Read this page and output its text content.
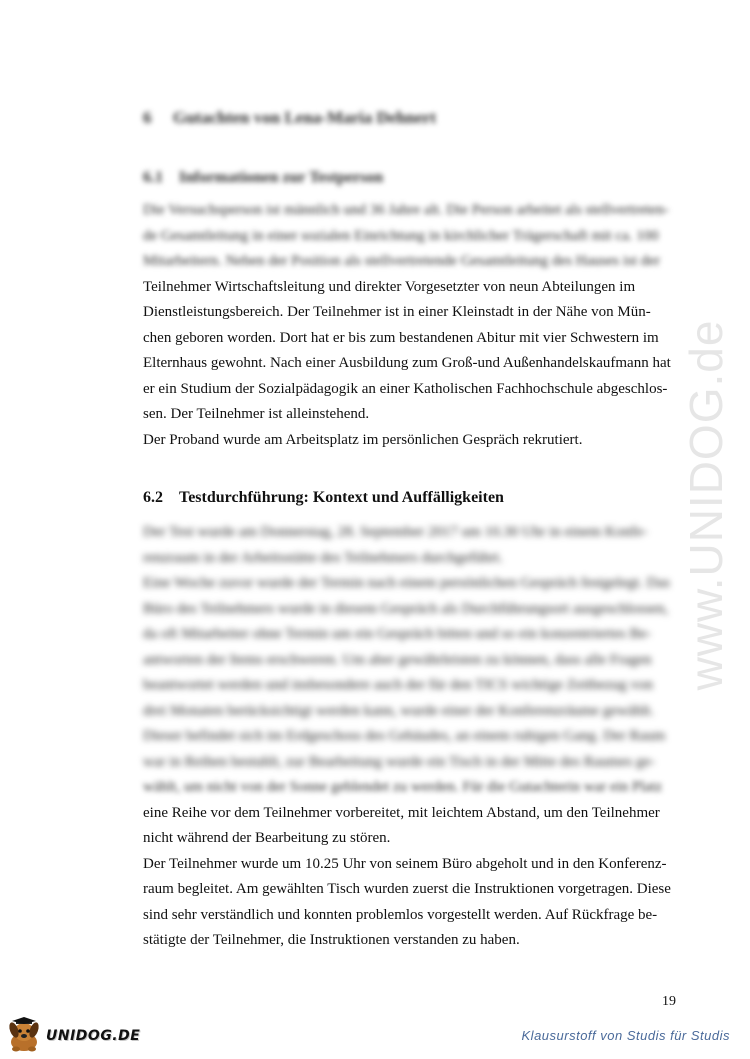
www.UNIDOG.de
6 Gutachten von Lena-Maria Dehnert
6.1 Informationen zur Testperson
Die Versuchsperson ist männlich und 36 Jahre alt. Die Person arbeitet als stellvertreten-
de Gesamtleitung in einer sozialen Einrichtung in kirchlicher Trägerschaft mit ca. 100
Mitarbeitern. Neben der Position als stellvertretende Gesamtleitung des Hauses ist der
Teilnehmer Wirtschaftsleitung und direkter Vorgesetzter von neun Abteilungen im
Dienstleistungsbereich. Der Teilnehmer ist in einer Kleinstadt in der Nähe von Mün-
chen geboren worden. Dort hat er bis zum bestandenen Abitur mit vier Schwestern im
Elternhaus gewohnt. Nach einer Ausbildung zum Groß-und Außenhandelskaufmann hat
er ein Studium der Sozialpädagogik an einer Katholischen Fachhochschule abgeschlos-
sen. Der Teilnehmer ist alleinstehend.
Der Proband wurde am Arbeitsplatz im persönlichen Gespräch rekrutiert.
6.2 Testdurchführung: Kontext und Auffälligkeiten
Der Test wurde am Donnerstag, 28. September 2017 um 10.30 Uhr in einem Konfe-
renzraum in der Arbeitsstätte des Teilnehmers durchgeführt.
Eine Woche zuvor wurde der Termin nach einem persönlichen Gespräch festgelegt. Das
Büro des Teilnehmers wurde in diesem Gespräch als Durchführungsort ausgeschlossen,
da oft Mitarbeiter ohne Termin um ein Gespräch bitten und so ein konzentriertes Be-
antworten der Items erschweren. Um aber gewährleisten zu können, dass alle Fragen
beantwortet werden und insbesondere auch der für den TICS wichtige Zeitbezug von
drei Monaten berücksichtigt werden kann, wurde einer der Konferenzräume gewählt.
Dieser befindet sich im Erdgeschoss des Gebäudes, an einem ruhigen Gang. Der Raum
war in Reihen bestuhlt, zur Bearbeitung wurde ein Tisch in der Mitte des Raumes ge-
wählt, um nicht von der Sonne geblendet zu werden. Für die Gutachterin war ein Platz
eine Reihe vor dem Teilnehmer vorbereitet, mit leichtem Abstand, um den Teilnehmer
nicht während der Bearbeitung zu stören.
Der Teilnehmer wurde um 10.25 Uhr von seinem Büro abgeholt und in den Konferenz-
raum begleitet. Am gewählten Tisch wurden zuerst die Instruktionen vorgetragen. Diese
sind sehr verständlich und konnten problemlos vorgestellt werden. Auf Rückfrage be-
stätigte der Teilnehmer, die Instruktionen verstanden zu haben.
19
UNIDOG.DE	Klausurstoff von Studis für Studis
